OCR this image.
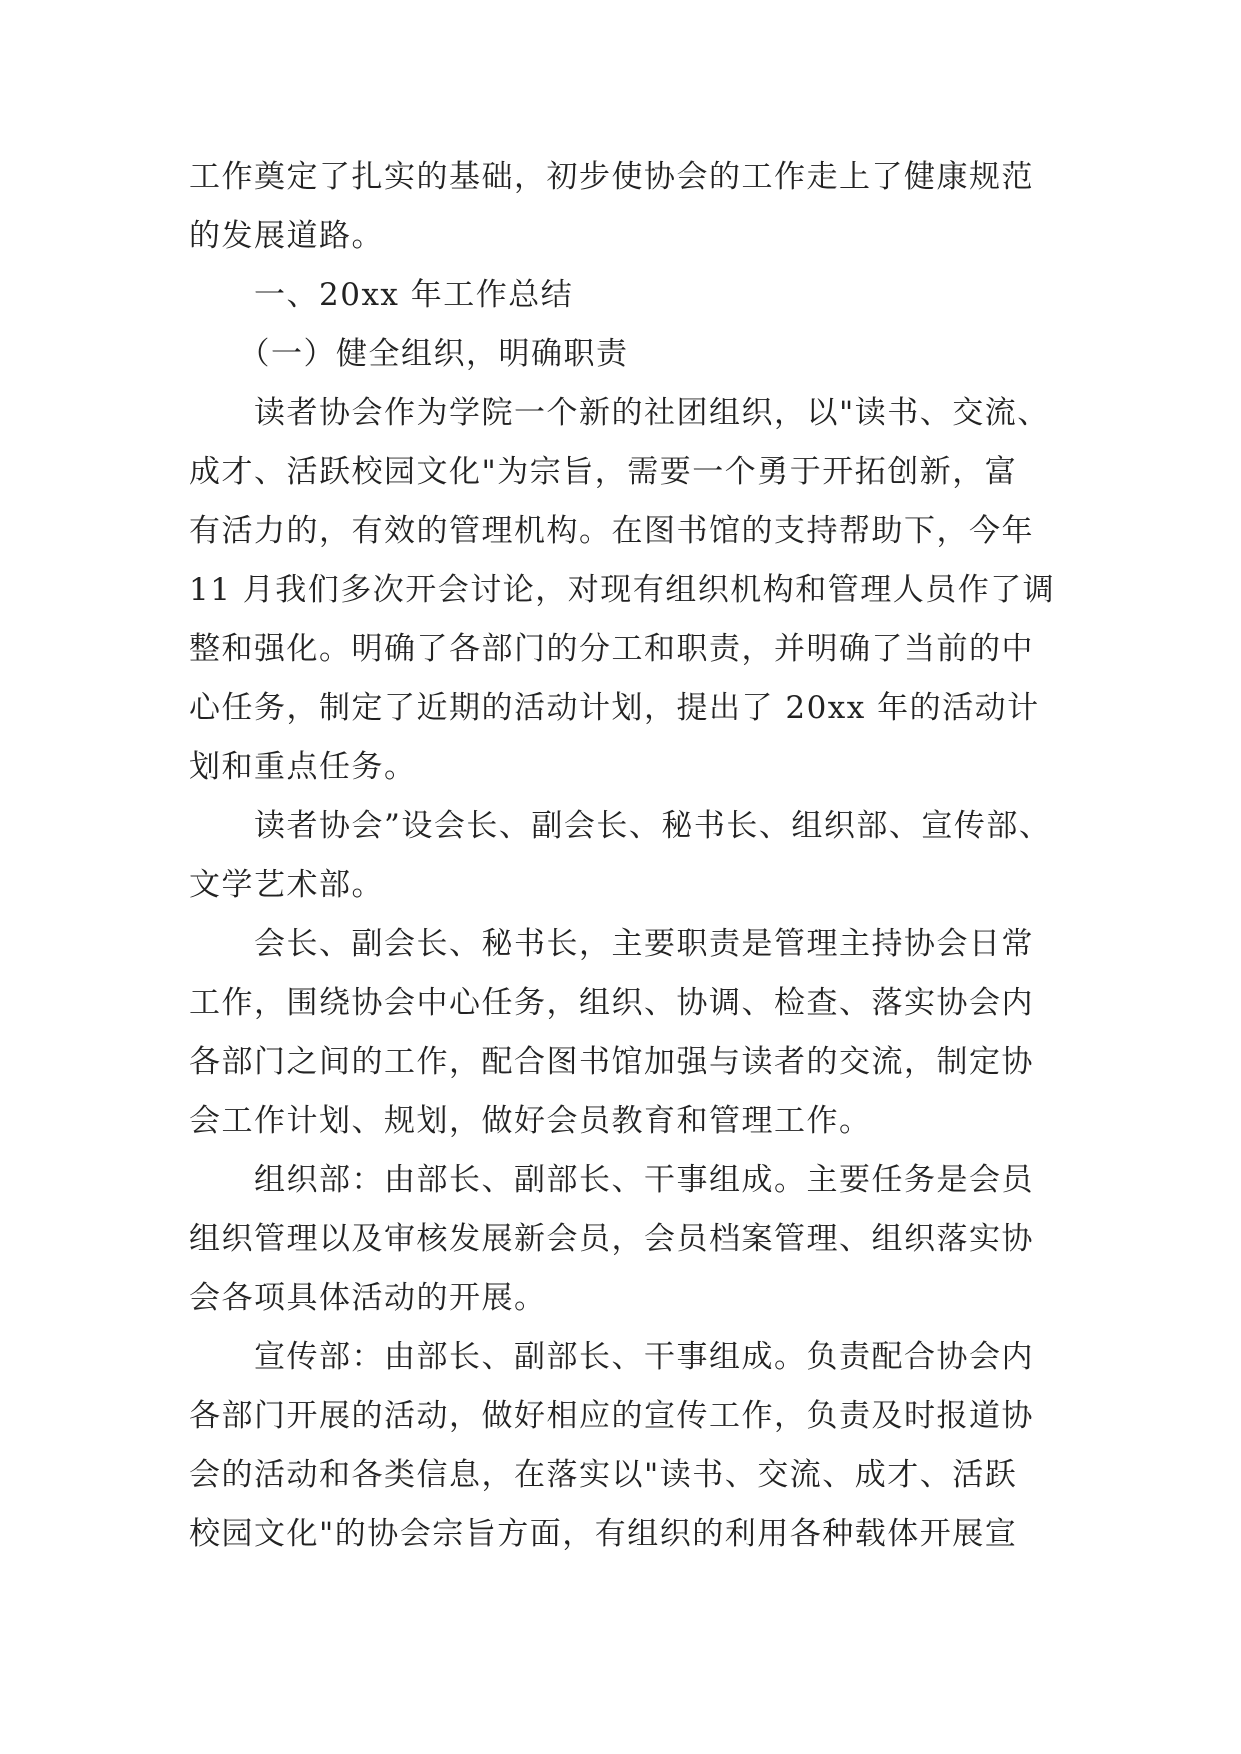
工作奠定了扎实的基础，初步使协会的工作走上了健康规范
的发展道路。
　　一、20xx 年工作总结
　　（一）健全组织，明确职责
　　读者协会作为学院一个新的社团组织，以"读书、交流、
成才、活跃校园文化"为宗旨，需要一个勇于开拓创新，富
有活力的，有效的管理机构。在图书馆的支持帮助下，今年
11 月我们多次开会讨论，对现有组织机构和管理人员作了调
整和强化。明确了各部门的分工和职责，并明确了当前的中
心任务，制定了近期的活动计划，提出了 20xx 年的活动计
划和重点任务。
　　读者协会”设会长、副会长、秘书长、组织部、宣传部、
文学艺术部。
　　会长、副会长、秘书长，主要职责是管理主持协会日常
工作，围绕协会中心任务，组织、协调、检查、落实协会内
各部门之间的工作，配合图书馆加强与读者的交流，制定协
会工作计划、规划，做好会员教育和管理工作。
　　组织部：由部长、副部长、干事组成。主要任务是会员
组织管理以及审核发展新会员，会员档案管理、组织落实协
会各项具体活动的开展。
　　宣传部：由部长、副部长、干事组成。负责配合协会内
各部门开展的活动，做好相应的宣传工作，负责及时报道协
会的活动和各类信息，在落实以"读书、交流、成才、活跃
校园文化"的协会宗旨方面，有组织的利用各种载体开展宣
